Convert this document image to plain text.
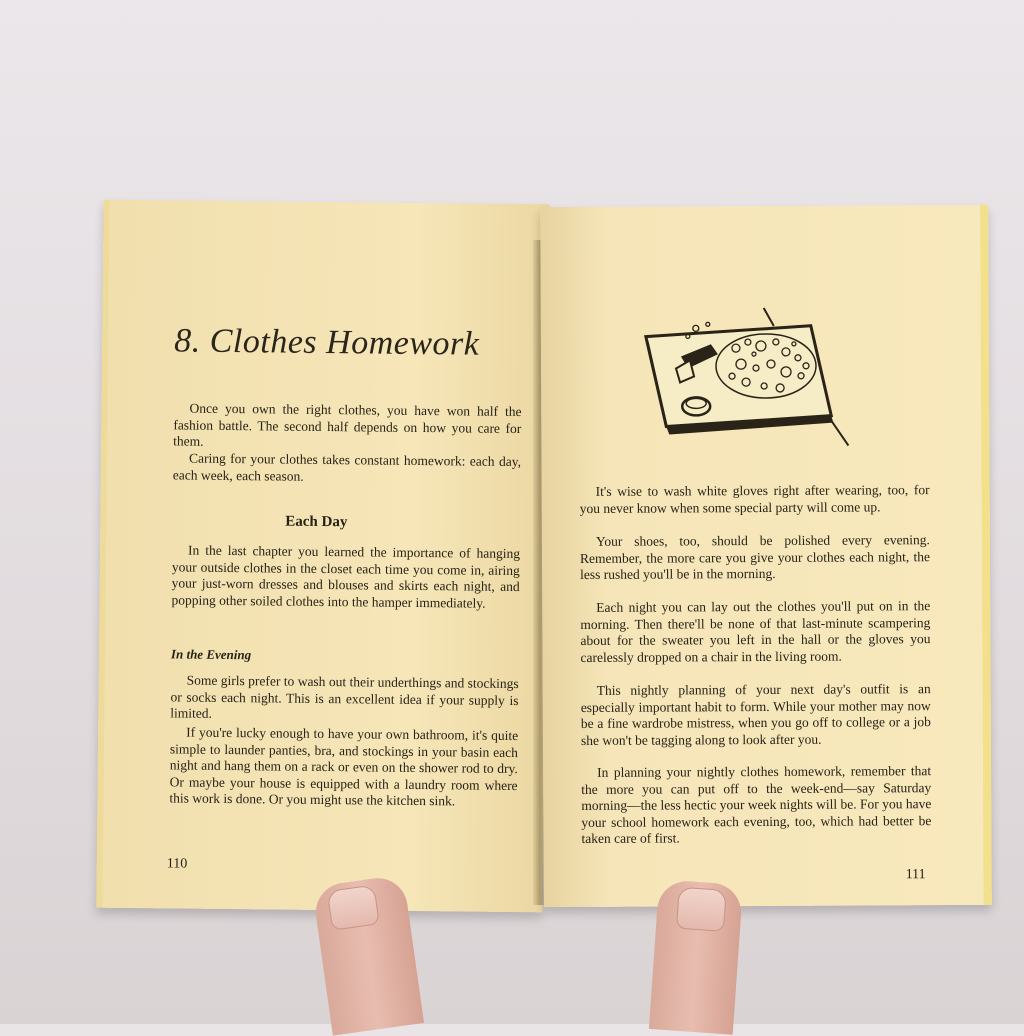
8. Clothes Homework
Once you own the right clothes, you have won half the fashion battle. The second half depends on how you care for them.
Caring for your clothes takes constant homework: each day, each week, each season.
Each Day
In the last chapter you learned the importance of hanging your outside clothes in the closet each time you come in, airing your just-worn dresses and blouses and skirts each night, and popping other soiled clothes into the hamper immediately.
In the Evening
Some girls prefer to wash out their underthings and stockings or socks each night. This is an excellent idea if your supply is limited.
If you're lucky enough to have your own bathroom, it's quite simple to launder panties, bra, and stockings in your basin each night and hang them on a rack or even on the shower rod to dry. Or maybe your house is equipped with a laundry room where this work is done. Or you might use the kitchen sink.
110
It's wise to wash white gloves right after wearing, too, for you never know when some special party will come up.
Your shoes, too, should be polished every evening. Remember, the more care you give your clothes each night, the less rushed you'll be in the morning.
Each night you can lay out the clothes you'll put on in the morning. Then there'll be none of that last-minute scampering about for the sweater you left in the hall or the gloves you carelessly dropped on a chair in the living room.
This nightly planning of your next day's outfit is an especially important habit to form. While your mother may now be a fine wardrobe mistress, when you go off to college or a job she won't be tagging along to look after you.
In planning your nightly clothes homework, remember that the more you can put off to the week-end—say Saturday morning—the less hectic your week nights will be. For you have your school homework each evening, too, which had better be taken care of first.
111
